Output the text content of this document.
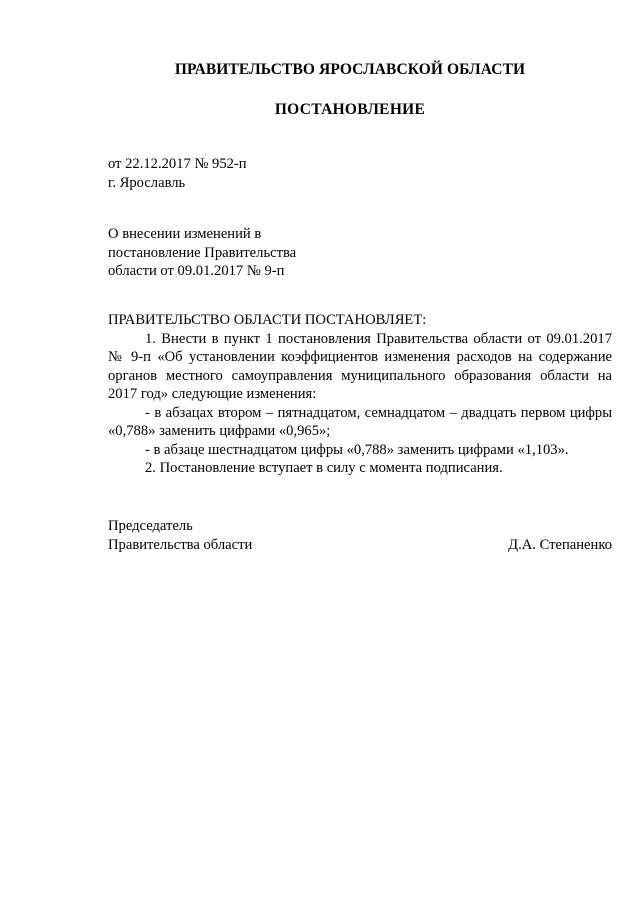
ПРАВИТЕЛЬСТВО ЯРОСЛАВСКОЙ ОБЛАСТИ
ПОСТАНОВЛЕНИЕ
от 22.12.2017 № 952-п
г. Ярославль
О внесении изменений в
постановление Правительства
области от 09.01.2017 № 9-п
ПРАВИТЕЛЬСТВО ОБЛАСТИ ПОСТАНОВЛЯЕТ:
1. Внести в пункт 1 постановления Правительства области от 09.01.2017 № 9-п «Об установлении коэффициентов изменения расходов на содержание органов местного самоуправления муниципального образования области на 2017 год» следующие изменения:
- в абзацах втором – пятнадцатом, семнадцатом – двадцать первом цифры «0,788» заменить цифрами «0,965»;
- в абзаце шестнадцатом цифры «0,788» заменить цифрами «1,103».
2. Постановление вступает в силу с момента подписания.
Председатель
Правительства области	Д.А. Степаненко
